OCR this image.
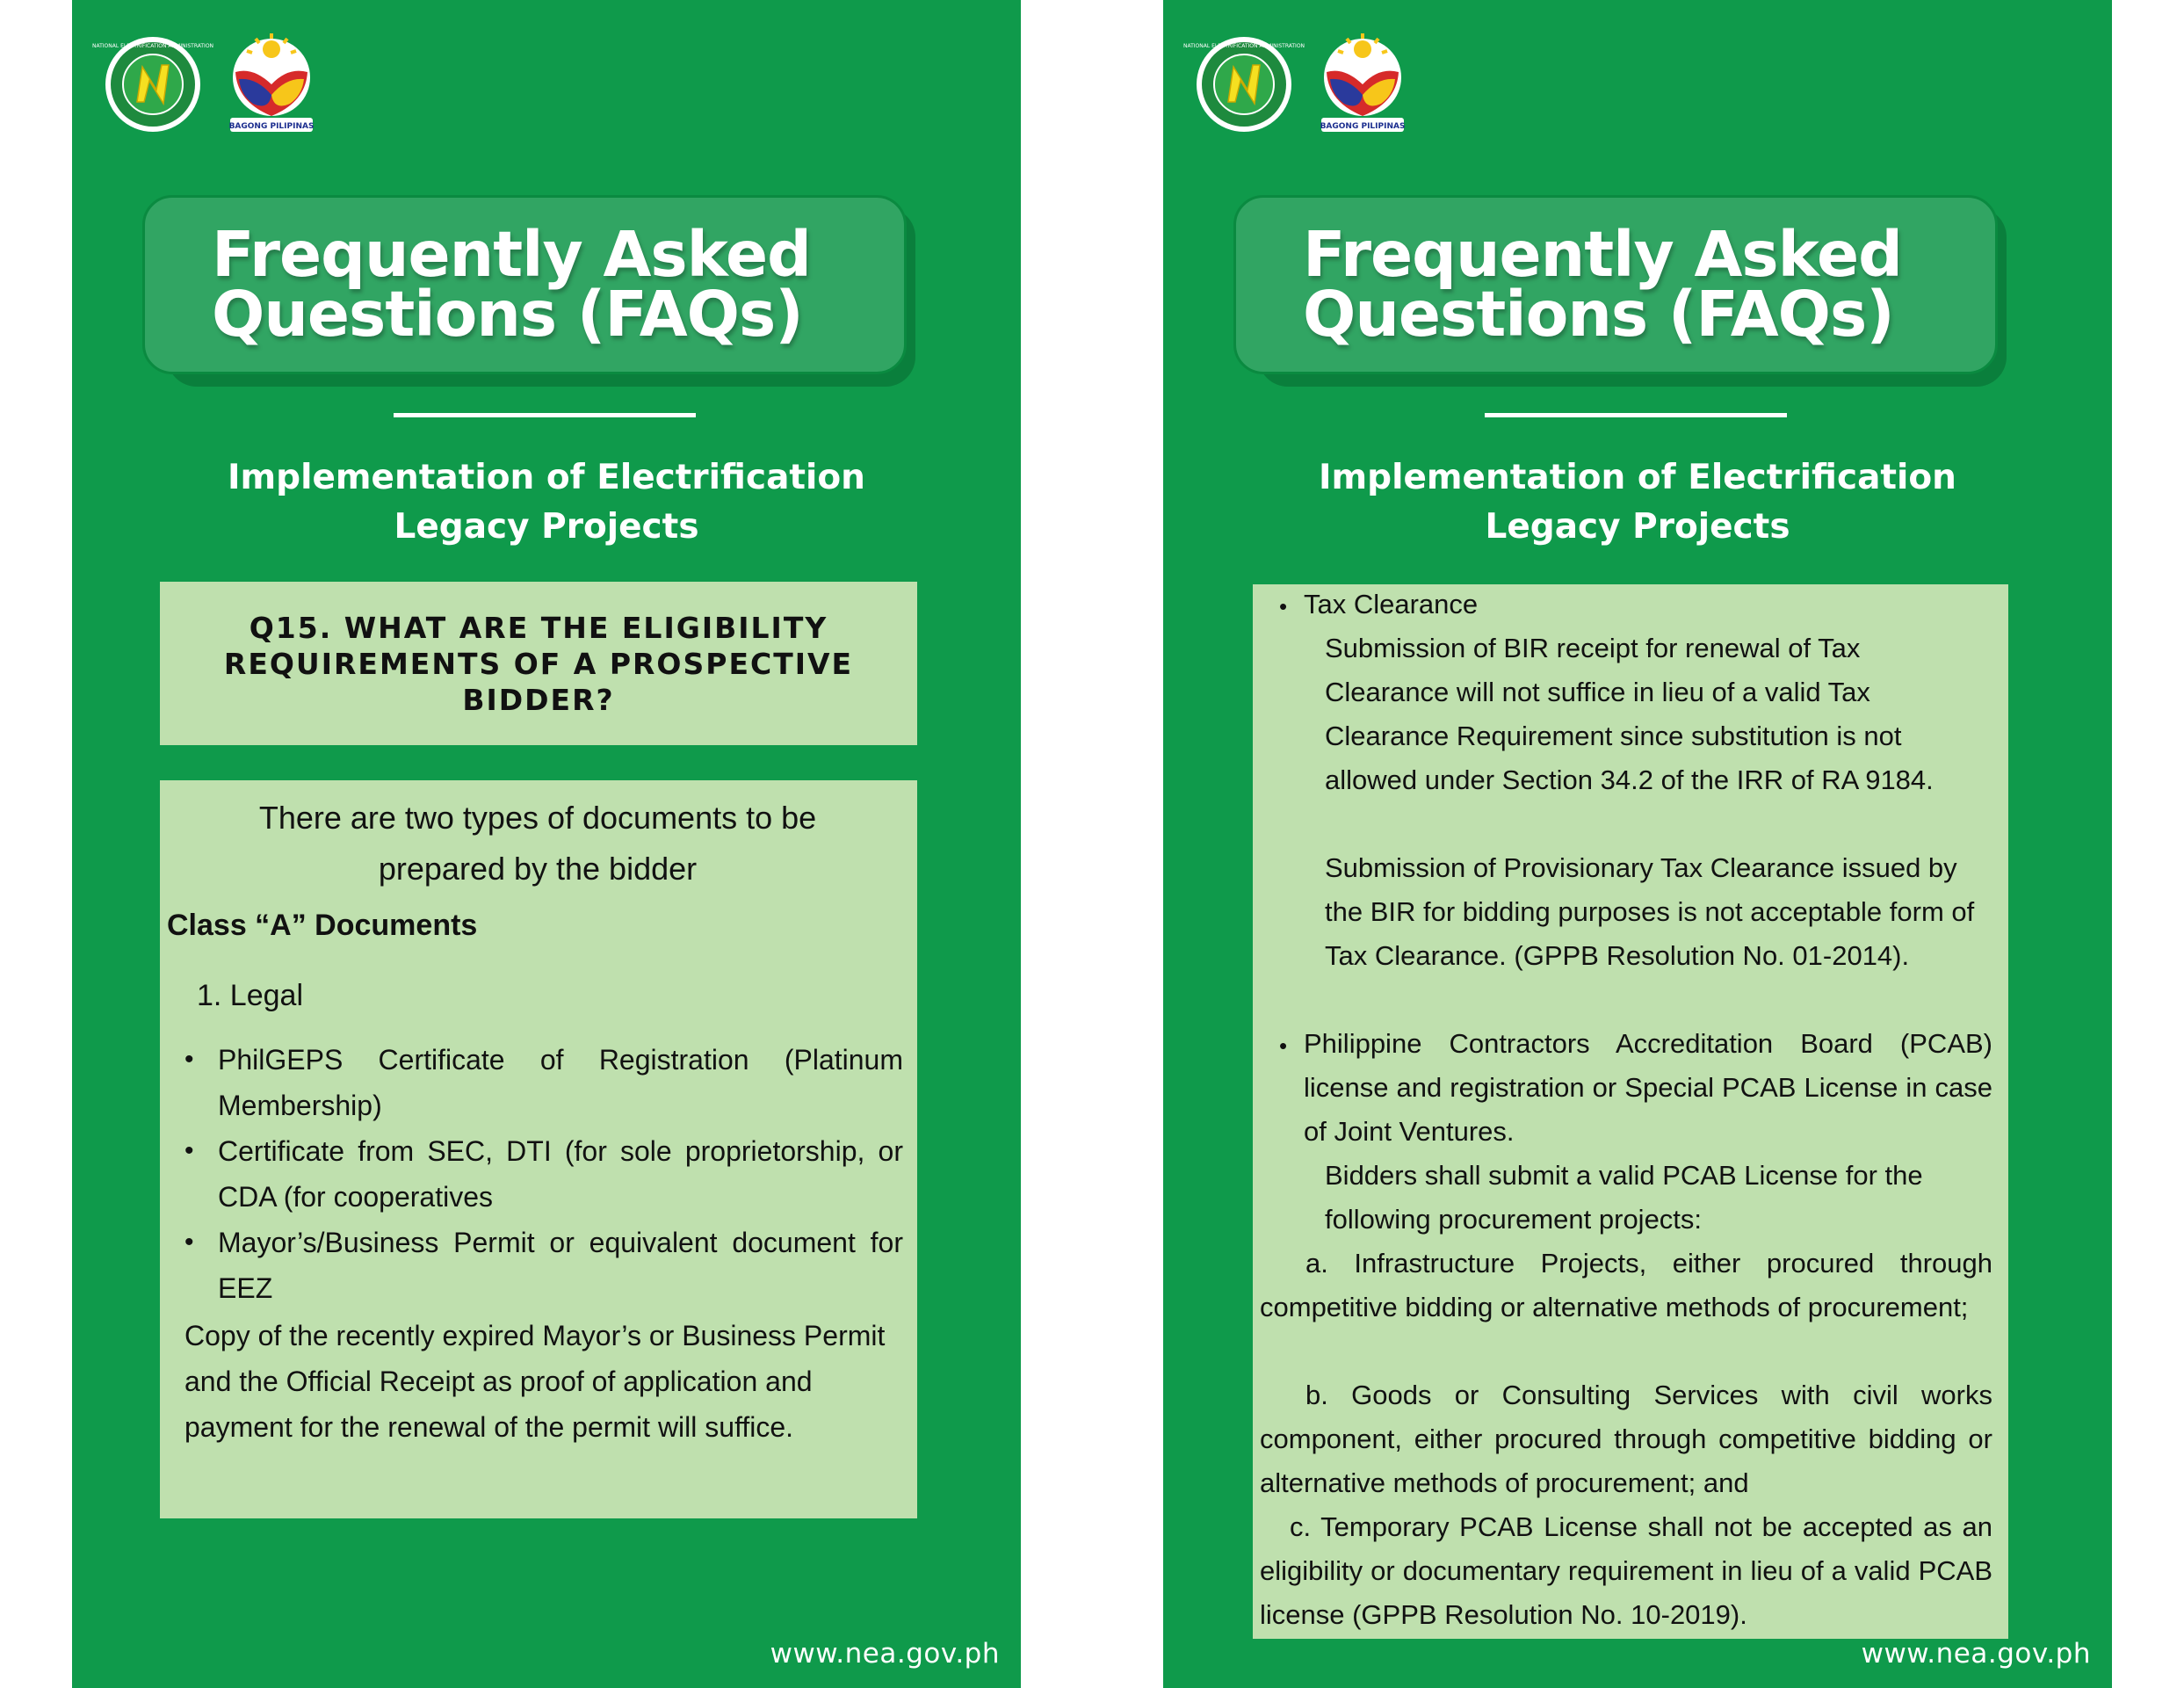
NATIONAL ELECTRIFICATION ADMINISTRATION
BAGONG PILIPINAS
Frequently Asked
Questions (FAQs)
Implementation of Electrification
Legacy Projects
Q15. WHAT ARE THE ELIGIBILITY REQUIREMENTS OF A PROSPECTIVE BIDDER?
There are two types of documents to be prepared by the bidder
Class “A” Documents
1. Legal
• PhilGEPS Certificate of Registration (Platinum Membership)
• Certificate from SEC, DTI (for sole proprietorship, or CDA (for cooperatives
• Mayor’s/Business Permit or equivalent document for EEZ
Copy of the recently expired Mayor’s or Business Permit and the Official Receipt as proof of application and payment for the renewal of the permit will suffice.
www.nea.gov.ph
NATIONAL ELECTRIFICATION ADMINISTRATION
BAGONG PILIPINAS
Frequently Asked
Questions (FAQs)
Implementation of Electrification
Legacy Projects
• Tax Clearance
Submission of BIR receipt for renewal of Tax Clearance will not suffice in lieu of a valid Tax Clearance Requirement since substitution is not allowed under Section 34.2 of the IRR of RA 9184.
Submission of Provisionary Tax Clearance issued by the BIR for bidding purposes is not acceptable form of Tax Clearance. (GPPB Resolution No. 01-2014).
• Philippine Contractors Accreditation Board (PCAB) license and registration or Special PCAB License in case of Joint Ventures.
Bidders shall submit a valid PCAB License for the following procurement projects:
a. Infrastructure Projects, either procured through competitive bidding or alternative methods of procurement;
b. Goods or Consulting Services with civil works component, either procured through competitive bidding or alternative methods of procurement; and
c. Temporary PCAB License shall not be accepted as an eligibility or documentary requirement in lieu of a valid PCAB license (GPPB Resolution No. 10-2019).
www.nea.gov.ph
